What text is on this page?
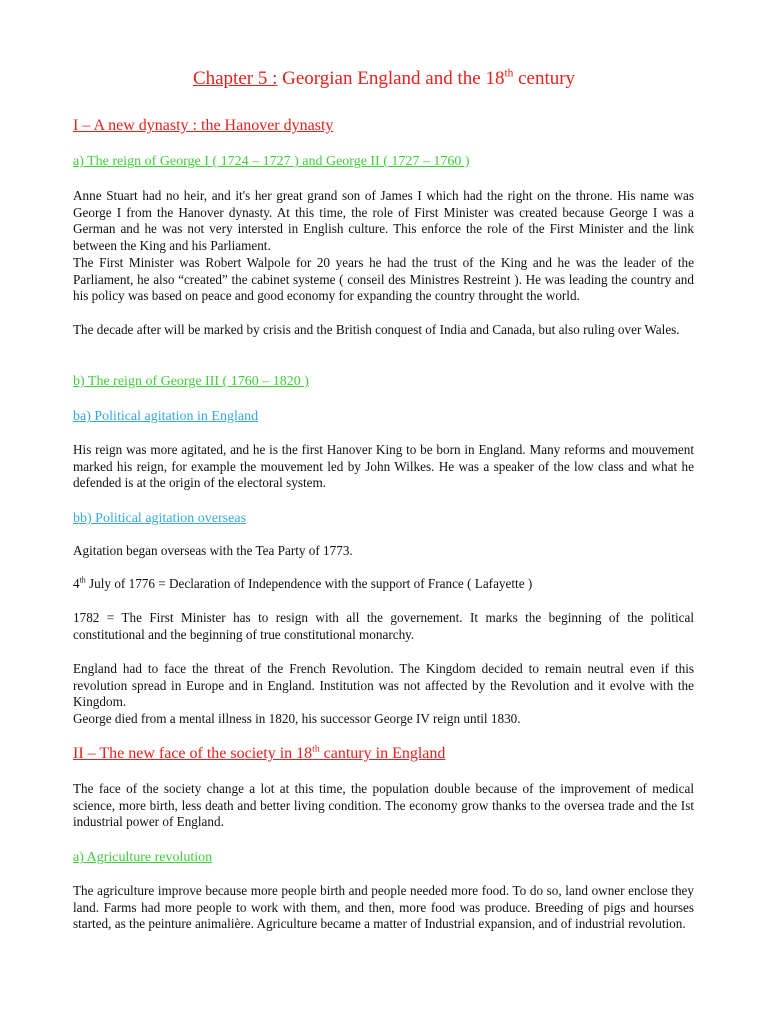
Chapter 5 : Georgian England and the 18th century
I – A new dynasty : the Hanover dynasty
a) The reign of George I ( 1724 – 1727 ) and George II ( 1727 – 1760 )

Anne Stuart had no heir, and it's her great grand son of James I which had the right on the throne. His name was George I from the Hanover dynasty. At this time, the role of First Minister was created because George I was a German and he was not very intersted in English culture. This enforce the role of the First Minister and the link between the King and his Parliament.

The First Minister was Robert Walpole for 20 years he had the trust of the King and he was the leader of the Parliament, he also “created” the cabinet systeme ( conseil des Ministres Restreint ). He was leading the country and his policy was based on peace and good economy for expanding the country throught the world.

The decade after will be marked by crisis and the British conquest of India and Canada, but also ruling over Wales.

b) The reign of George III ( 1760 – 1820 )
ba) Political agitation in England

His reign was more agitated, and he is the first Hanover King to be born in England. Many reforms and mouvement marked his reign, for example the mouvement led by John Wilkes. He was a speaker of the low class and what he defended is at the origin of the electoral system.

bb) Political agitation overseas

Agitation began overseas with the Tea Party of 1773.

4th July of 1776 = Declaration of Independence with the support of France ( Lafayette )

1782 = The First Minister has to resign with all the governement. It marks the beginning of the political constitutional and the beginning of true constitutional monarchy.

England had to face the threat of the French Revolution. The Kingdom decided to remain neutral even if this revolution spread in Europe and in England. Institution was not affected by the Revolution and it evolve with the Kingdom.

George died from a mental illness in 1820, his successor George IV reign until 1830.

II – The new face of the society in 18th cantury in England

The face of the society change a lot at this time, the population double because of the improvement of medical science, more birth, less death and better living condition. The economy grow thanks to the oversea trade and the Ist industrial power of England.

a) Agriculture revolution

The agriculture improve because more people birth and people needed more food. To do so, land owner enclose they land. Farms had more people to work with them, and then, more food was produce. Breeding of pigs and hourses started, as the peinture animalière. Agriculture became a matter of Industrial expansion, and of industrial revolution.
